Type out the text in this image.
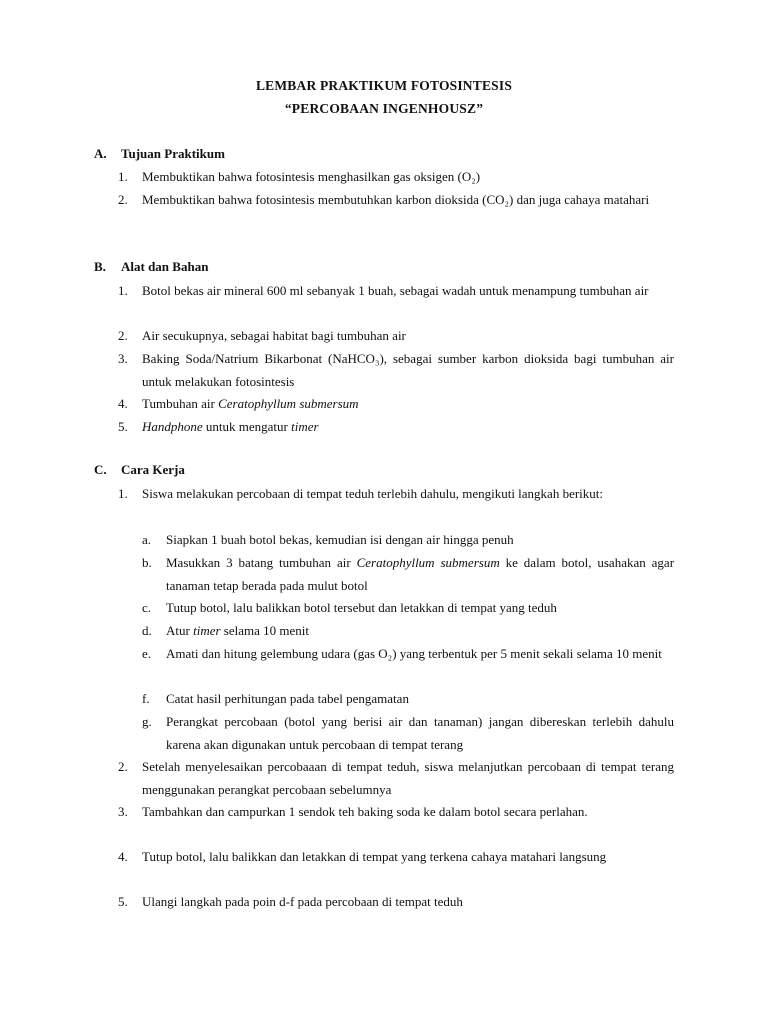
LEMBAR PRAKTIKUM FOTOSINTESIS
“PERCOBAAN INGENHOUSZ”
A. Tujuan Praktikum
1.	Membuktikan bahwa fotosintesis menghasilkan gas oksigen (O₂)
2.	Membuktikan bahwa fotosintesis membutuhkan karbon dioksida (CO₂) dan juga cahaya matahari
B. Alat dan Bahan
1.	Botol bekas air mineral 600 ml sebanyak 1 buah, sebagai wadah untuk menampung tumbuhan air
2.	Air secukupnya, sebagai habitat bagi tumbuhan air
3.	Baking Soda/Natrium Bikarbonat (NaHCO₃), sebagai sumber karbon dioksida bagi tumbuhan air untuk melakukan fotosintesis
4.	Tumbuhan air Ceratophyllum submersum
5.	Handphone untuk mengatur timer
C. Cara Kerja
1.	Siswa melakukan percobaan di tempat teduh terlebih dahulu, mengikuti langkah berikut:
a.	Siapkan 1 buah botol bekas, kemudian isi dengan air hingga penuh
b.	Masukkan 3 batang tumbuhan air Ceratophyllum submersum ke dalam botol, usahakan agar tanaman tetap berada pada mulut botol
c.	Tutup botol, lalu balikkan botol tersebut dan letakkan di tempat yang teduh
d.	Atur timer selama 10 menit
e.	Amati dan hitung gelembung udara (gas O₂) yang terbentuk per 5 menit sekali selama 10 menit
f.	Catat hasil perhitungan pada tabel pengamatan
g.	Perangkat percobaan (botol yang berisi air dan tanaman) jangan dibereskan terlebih dahulu karena akan digunakan untuk percobaan di tempat terang
2.	Setelah menyelesaikan percobaaan di tempat teduh, siswa melanjutkan percobaan di tempat terang menggunakan perangkat percobaan sebelumnya
3.	Tambahkan dan campurkan 1 sendok teh baking soda ke dalam botol secara perlahan.
4.	Tutup botol, lalu balikkan dan letakkan di tempat yang terkena cahaya matahari langsung
5.	Ulangi langkah pada poin d-f pada percobaan di tempat teduh
